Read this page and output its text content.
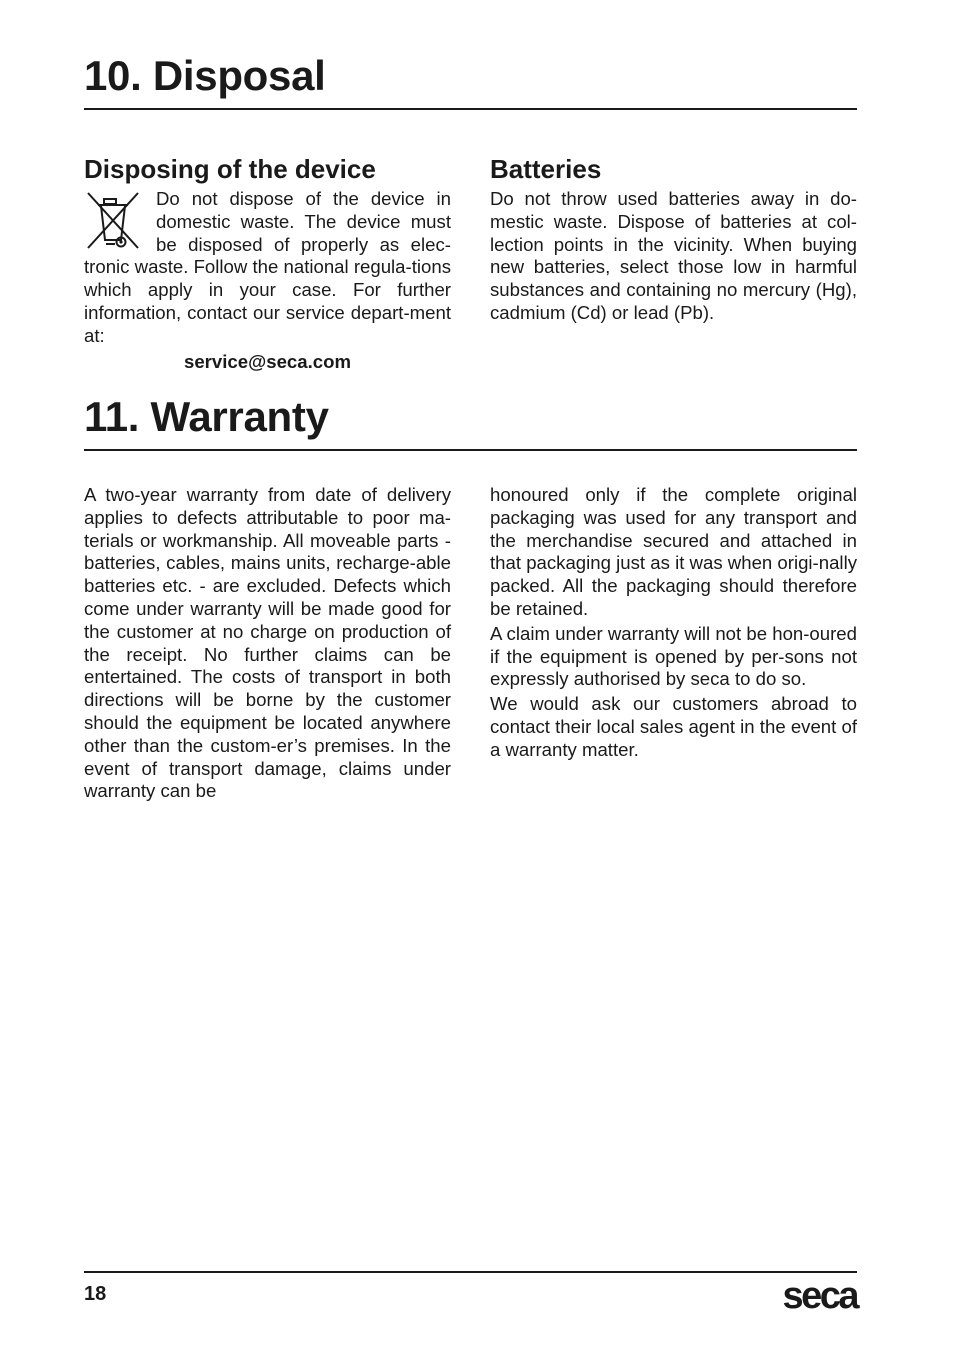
10. Disposal
Disposing of the device

Do not dispose of the device in domestic waste. The device must be disposed of properly as elec-tronic waste. Follow the national regula-tions which apply in your case. For further information, contact our service depart-ment at:

service@seca.com
Batteries

Do not throw used batteries away in do-mestic waste. Dispose of batteries at col-lection points in the vicinity. When buying new batteries, select those low in harmful substances and containing no mercury (Hg), cadmium (Cd) or lead (Pb).

11. Warranty

A two-year warranty from date of delivery applies to defects attributable to poor ma-terials or workmanship. All moveable parts - batteries, cables, mains units, recharge-able batteries etc. - are excluded. Defects which come under warranty will be made good for the customer at no charge on production of the receipt. No further claims can be entertained. The costs of transport in both directions will be borne by the customer should the equipment be located anywhere other than the custom-er’s premises. In the event of transport damage, claims under warranty can be

honoured only if the complete original packaging was used for any transport and the merchandise secured and attached in that packaging just as it was when origi-nally packed. All the packaging should therefore be retained.

A claim under warranty will not be hon-oured if the equipment is opened by per-sons not expressly authorised by seca to do so.

We would ask our customers abroad to contact their local sales agent in the event of a warranty matter.

18	seca
